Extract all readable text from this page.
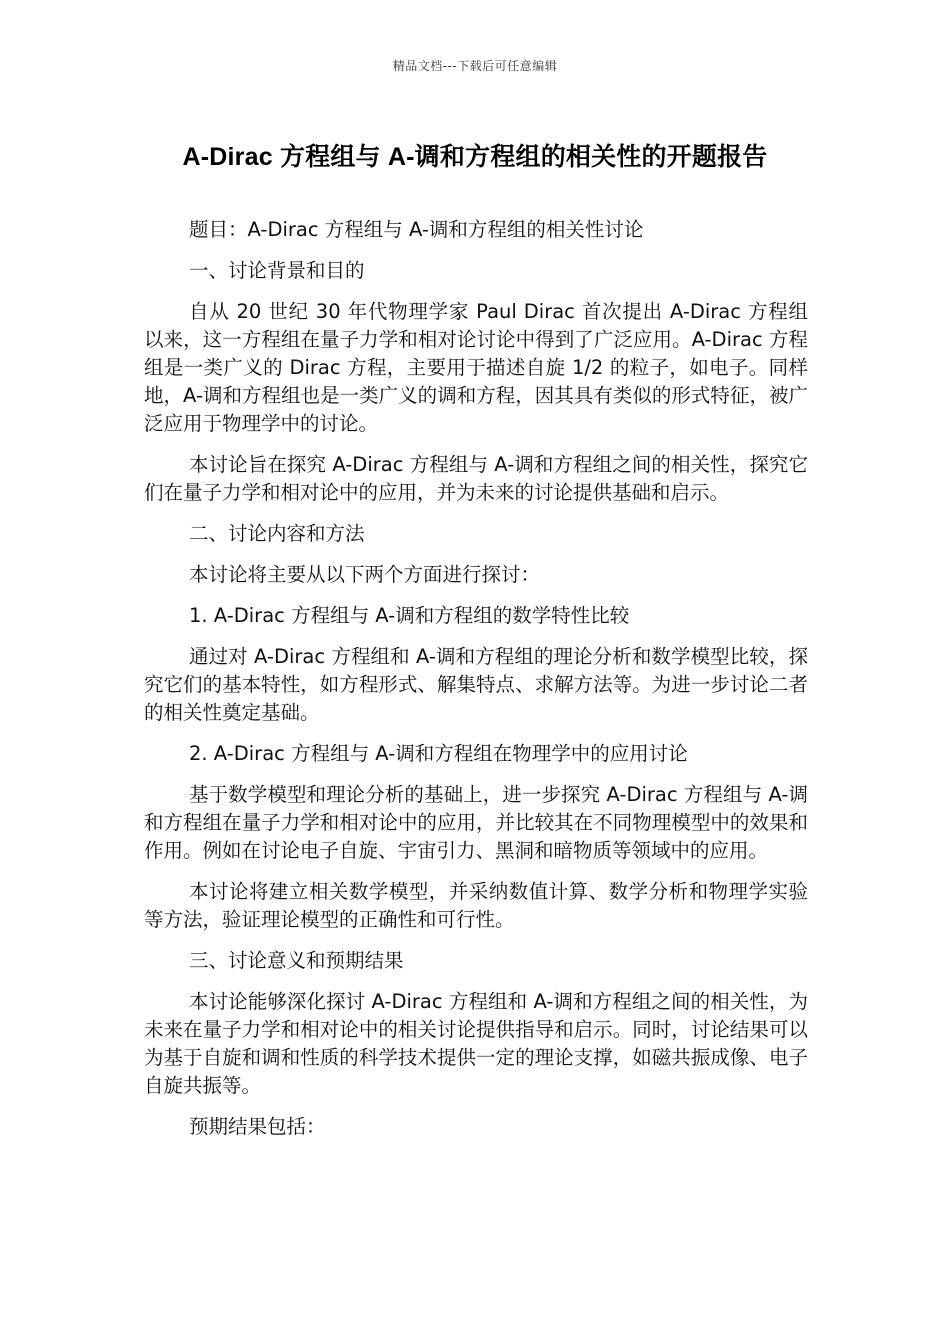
精品文档---下载后可任意编辑
A-Dirac 方程组与 A-调和方程组的相关性的开题报告

题目：A-Dirac 方程组与 A-调和方程组的相关性讨论

一、讨论背景和目的

自从 20 世纪 30 年代物理学家 Paul Dirac 首次提出 A-Dirac 方程组以来，这一方程组在量子力学和相对论讨论中得到了广泛应用。A-Dirac 方程组是一类广义的 Dirac 方程，主要用于描述自旋 1/2 的粒子，如电子。同样地，A-调和方程组也是一类广义的调和方程，因其具有类似的形式特征，被广泛应用于物理学中的讨论。

本讨论旨在探究 A-Dirac 方程组与 A-调和方程组之间的相关性，探究它们在量子力学和相对论中的应用，并为未来的讨论提供基础和启示。

二、讨论内容和方法

本讨论将主要从以下两个方面进行探讨：

1. A-Dirac 方程组与 A-调和方程组的数学特性比较

通过对 A-Dirac 方程组和 A-调和方程组的理论分析和数学模型比较，探究它们的基本特性，如方程形式、解集特点、求解方法等。为进一步讨论二者的相关性奠定基础。

2. A-Dirac 方程组与 A-调和方程组在物理学中的应用讨论

基于数学模型和理论分析的基础上，进一步探究 A-Dirac 方程组与 A-调和方程组在量子力学和相对论中的应用，并比较其在不同物理模型中的效果和作用。例如在讨论电子自旋、宇宙引力、黑洞和暗物质等领域中的应用。

本讨论将建立相关数学模型，并采纳数值计算、数学分析和物理学实验等方法，验证理论模型的正确性和可行性。

三、讨论意义和预期结果

本讨论能够深化探讨 A-Dirac 方程组和 A-调和方程组之间的相关性，为未来在量子力学和相对论中的相关讨论提供指导和启示。同时，讨论结果可以为基于自旋和调和性质的科学技术提供一定的理论支撑，如磁共振成像、电子自旋共振等。

预期结果包括：
